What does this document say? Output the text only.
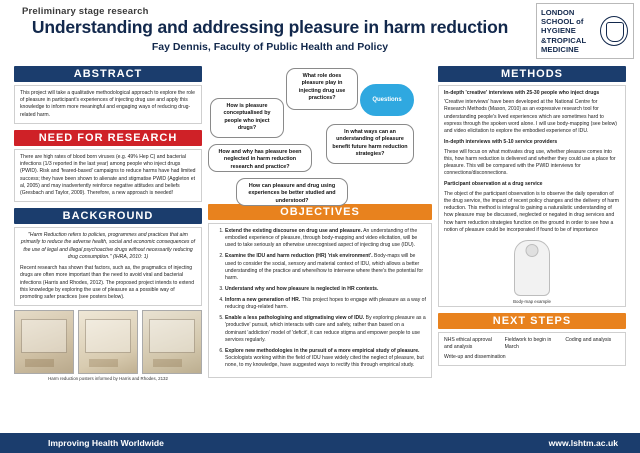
Preliminary stage research
Understanding and addressing pleasure in harm reduction
Fay Dennis, Faculty of Public Health and Policy
LONDON
SCHOOL of
HYGIENE
&TROPICAL
MEDICINE
ABSTRACT

This project will take a qualitative methodological approach to explore the role of pleasure in participant's experiences of injecting drug use and apply this knowledge to inform more meaningful and engaging ways of reducing drug-related harm.

NEED FOR RESEARCH

There are high rates of blood born viruses (e.g. 49% Hep C) and bacterial infections (1/3 reported in the last year) among people who inject drugs (PWID). Risk and 'feared-based' campaigns to reduce harms have had limited success; they have been shown to alienate and stigmatise PWID (Aggleton et al, 2005) and may inadvertently reinforce negative attitudes and beliefs (Gresbach and Taylor, 2009). Therefore, a new approach is needed!

BACKGROUND

"Harm Reduction refers to policies, programmes and practices that aim primarily to reduce the adverse health, social and economic consequences of the use of legal and illegal psychoactive drugs without necessarily reducing drug consumption." (IHRA, 2010: 1)

Recent research has shown that factors, such as, the pragmatics of injecting drugs are often more important than the need to avoid viral and bacterial infections (Harris and Rhodes, 2012). The proposed project intends to extend this knowledge by exploring the use of pleasure as a possible way of promoting safer practices (see posters below).

Harm reduction posters informed by Harris and Rhodes, 2132
How is pleasure conceptualised by people who inject drugs?
What role does pleasure play in injecting drug use practices?
How and why has pleasure been neglected in harm reduction research and practice?
In what ways can an understanding of pleasure benefit future harm reduction strategies?
How can pleasure and drug using experiences be better studied and understood?
Questions
OBJECTIVES
1. Extend the existing discourse on drug use and pleasure. An understanding of the embodied experience of pleasure, through body-mapping and video elicitation, will be used to take seriously an otherwise unrecognised aspect of injecting drug use (IDU).
2. Examine the IDU and harm reduction (HR) 'risk environment'. Body-maps will be used to consider the social, sensory and material context of IDU, which allows a better understanding of the practice and where/how to intervene where there's the potential for harm.
3. Understand why and how pleasure is neglected in HR contexts.
4. Inform a new generation of HR. This project hopes to engage with pleasure as a way of reducing drug-related harm.
5. Enable a less pathologising and stigmatising view of IDU. By exploring pleasure as a 'productive' pursuit, which interacts with care and safety, rather than based on a dominant 'addiction' model of 'deficit', it can reduce stigma and empower people to use services regularly.
6. Explore new methodologies in the pursuit of a more empirical study of pleasure. Sociologists working within the field of IDU have widely cited the neglect of pleasure, but none, to my knowledge, have suggested ways to rectify this through empirical study.
METHODS

In-depth 'creative' interviews with 25-30 people who inject drugs

'Creative interviews' have been developed at the National Centre for Research Methods (Mason, 2010) as an expressive research tool for understanding people's lived experiences which are sometimes hard to express through the spoken word alone. I will use body-mapping (see below) and video elicitation to explore the embodied experience of IDU.

In-depth interviews with 5-10 service providers

These will focus on what motivates drug use, whether pleasure comes into this, how harm reduction is delivered and whether they could use a place for pleasure. This will be compared with the PWID interviews for connections/disconnections.

Participant observation at a drug service

The object of the participant observation is to observe the daily operation of the drug service, the impact of recent policy changes and the delivery of harm reduction. This method is integral to gaining a naturalistic understanding of how pleasure may be discussed, neglected or negated in drug services and how harm reduction strategies function on the ground in order to see how a notion of pleasure could be incorporated if found to be of importance

Body-map example
NEXT STEPS
NHS ethical approval and analysis
Fieldwork to begin in March
Coding and analysis
Write-up and dissemination
Improving Health Worldwide	www.lshtm.ac.uk
